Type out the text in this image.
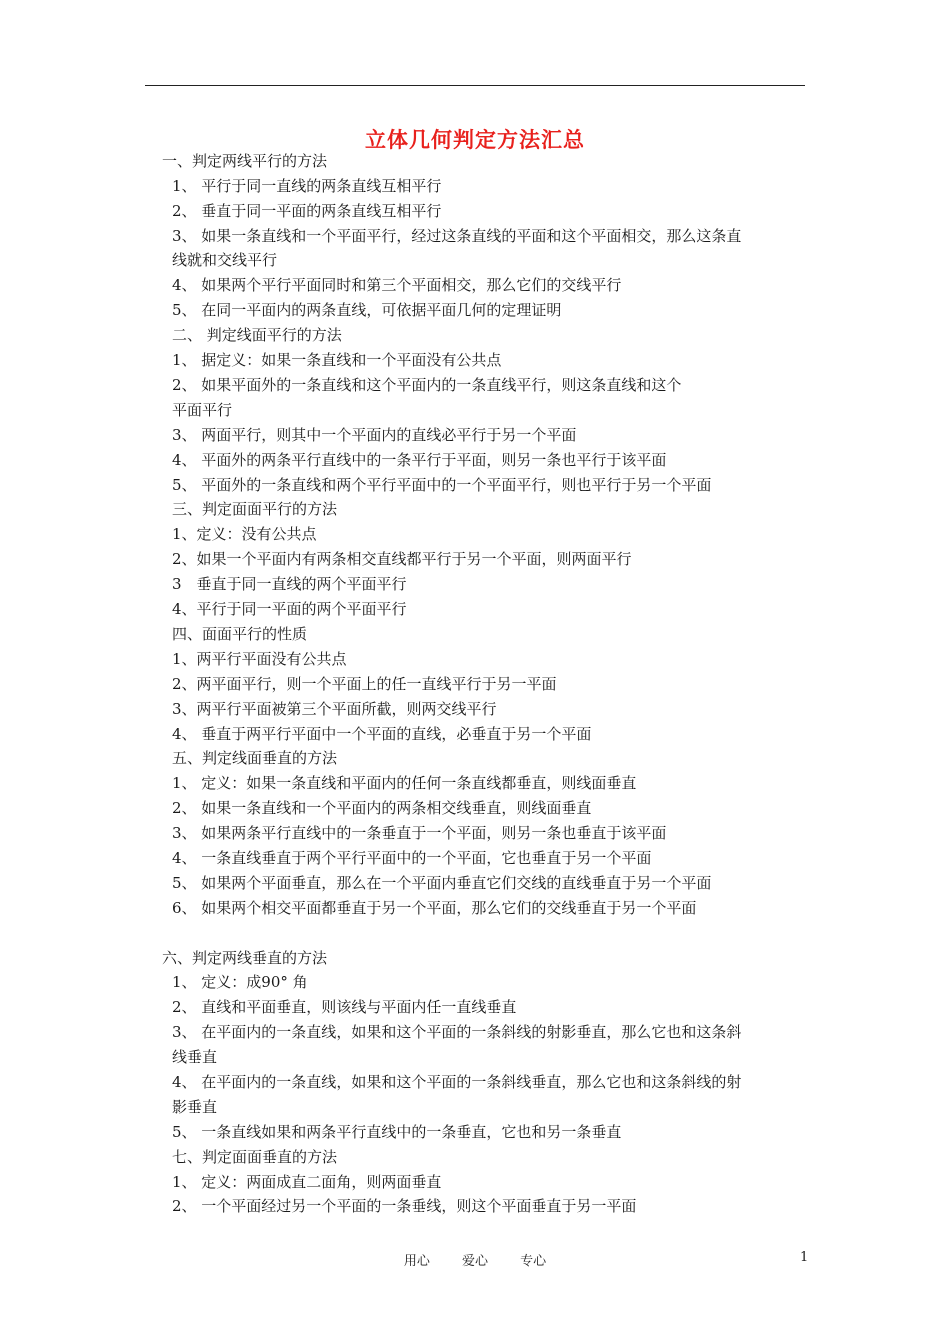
立体几何判定方法汇总
一、判定两线平行的方法
1、 平行于同一直线的两条直线互相平行
2、 垂直于同一平面的两条直线互相平行
3、 如果一条直线和一个平面平行，经过这条直线的平面和这个平面相交，那么这条直
线就和交线平行
4、 如果两个平行平面同时和第三个平面相交，那么它们的交线平行
5、 在同一平面内的两条直线，可依据平面几何的定理证明
二、 判定线面平行的方法
1、 据定义：如果一条直线和一个平面没有公共点
2、 如果平面外的一条直线和这个平面内的一条直线平行，则这条直线和这个
平面平行
3、 两面平行，则其中一个平面内的直线必平行于另一个平面
4、 平面外的两条平行直线中的一条平行于平面，则另一条也平行于该平面
5、 平面外的一条直线和两个平行平面中的一个平面平行，则也平行于另一个平面
三、判定面面平行的方法
1、定义：没有公共点
2、如果一个平面内有两条相交直线都平行于另一个平面，则两面平行
3　垂直于同一直线的两个平面平行
4、平行于同一平面的两个平面平行
四、面面平行的性质
1、两平行平面没有公共点
2、两平面平行，则一个平面上的任一直线平行于另一平面
3、两平行平面被第三个平面所截，则两交线平行
4、 垂直于两平行平面中一个平面的直线，必垂直于另一个平面
五、判定线面垂直的方法
1、 定义：如果一条直线和平面内的任何一条直线都垂直，则线面垂直
2、 如果一条直线和一个平面内的两条相交线垂直，则线面垂直
3、 如果两条平行直线中的一条垂直于一个平面，则另一条也垂直于该平面
4、 一条直线垂直于两个平行平面中的一个平面，它也垂直于另一个平面
5、 如果两个平面垂直，那么在一个平面内垂直它们交线的直线垂直于另一个平面
6、 如果两个相交平面都垂直于另一个平面，那么它们的交线垂直于另一个平面
六、判定两线垂直的方法
1、 定义：成90° 角
2、 直线和平面垂直，则该线与平面内任一直线垂直
3、 在平面内的一条直线，如果和这个平面的一条斜线的射影垂直，那么它也和这条斜
线垂直
4、 在平面内的一条直线，如果和这个平面的一条斜线垂直，那么它也和这条斜线的射
影垂直
5、 一条直线如果和两条平行直线中的一条垂直，它也和另一条垂直
七、判定面面垂直的方法
1、 定义：两面成直二面角，则两面垂直
2、 一个平面经过另一个平面的一条垂线，则这个平面垂直于另一平面
用心 爱心 专心	1
